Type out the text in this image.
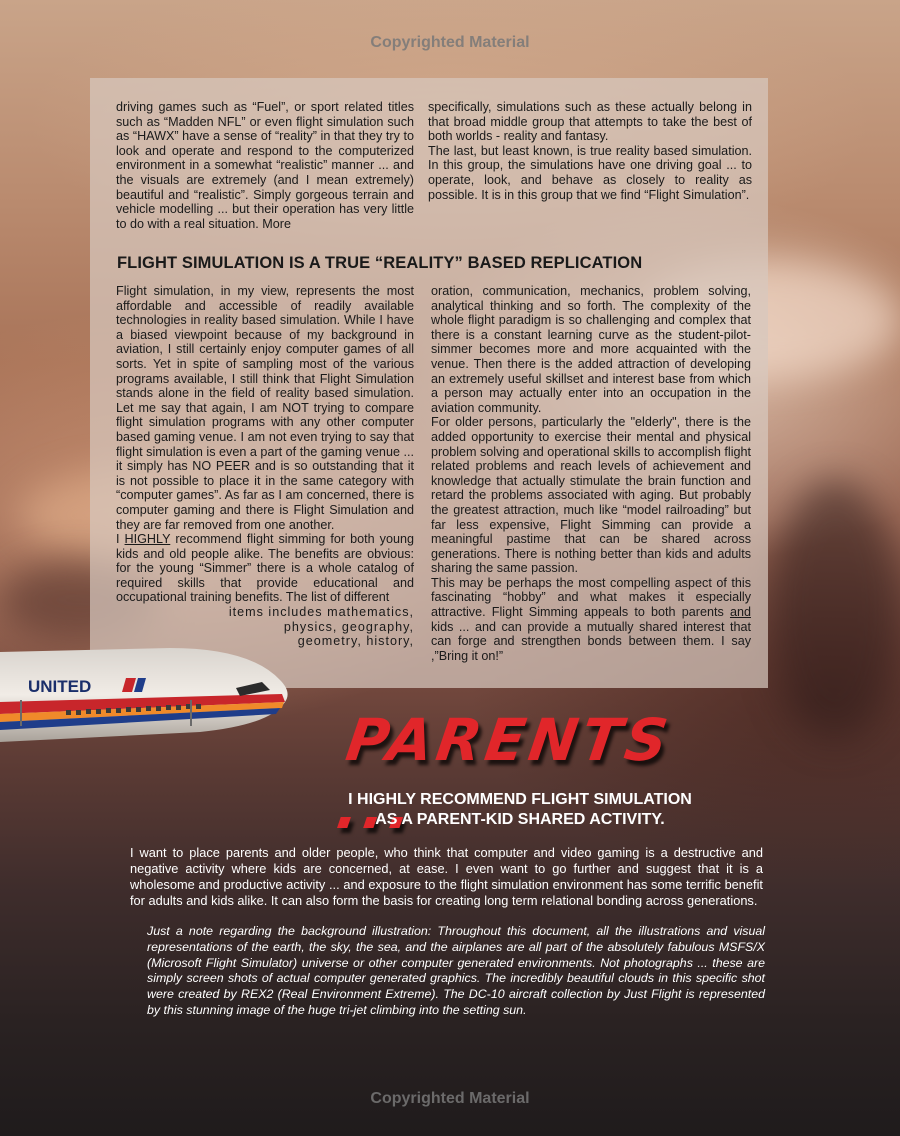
Copyrighted Material

driving games such as “Fuel”, or sport related titles such as “Madden NFL” or even flight simulation such as “HAWX” have a sense of “reality” in that they try to look and operate and respond to the computerized environment in a somewhat “realistic” manner ... and the visuals are extremely (and I mean extremely) beautiful and “realistic”. Simply gorgeous terrain and vehicle modelling ... but their operation has very little to do with a real situation. More

specifically, simulations such as these actually belong in that broad middle group that attempts to take the best of both worlds - reality and fantasy.

The last, but least known, is true reality based simulation. In this group, the simulations have one driving goal ... to operate, look, and behave as closely to reality as possible. It is in this group that we find “Flight Simulation”.

FLIGHT SIMULATION IS A TRUE “REALITY” BASED REPLICATION

Flight simulation, in my view, represents the most affordable and accessible of readily available technologies in reality based simulation. While I have a biased viewpoint because of my background in aviation, I still certainly enjoy computer games of all sorts. Yet in spite of sampling most of the various programs available, I still think that Flight Simulation stands alone in the field of reality based simulation. Let me say that again, I am NOT trying to compare flight simulation programs with any other computer based gaming venue. I am not even trying to say that flight simulation is even a part of the gaming venue ... it simply has NO PEER and is so outstanding that it is not possible to place it in the same category with “computer games”. As far as I am concerned, there is computer gaming and there is Flight Simulation and they are far removed from one another.

I HIGHLY recommend flight simming for both young kids and old people alike. The benefits are obvious: for the young “Simmer” there is a whole catalog of required skills that provide educational and occupational training benefits. The list of different

items includes mathematics,

physics, geography,

geometry, history,

oration, communication, mechanics, problem solving, analytical thinking and so forth. The complexity of the whole flight paradigm is so challenging and complex that there is a constant learning curve as the student-pilot-simmer becomes more and more acquainted with the venue. Then there is the added attraction of developing an extremely useful skillset and interest base from which a person may actually enter into an occupation in the aviation community.

For older persons, particularly the "elderly", there is the added opportunity to exercise their mental and physical problem solving and operational skills to accomplish flight related problems and reach levels of achievement and knowledge that actually stimulate the brain function and retard the problems associated with aging. But probably the greatest attraction, much like “model railroading” but far less expensive, Flight Simming can provide a meaningful pastime that can be shared across generations. There is nothing better than kids and adults sharing the same passion.

This may be perhaps the most compelling aspect of this fascinating “hobby” and what makes it especially attractive. Flight Simming appeals to both parents and kids ... and can provide a mutually shared interest that can forge and strengthen bonds between them. I say ,”Bring it on!”

UNITED
PARENTS ...
I HIGHLY RECOMMEND FLIGHT SIMULATION
AS A PARENT-KID SHARED ACTIVITY.
I want to place parents and older people, who think that computer and video gaming is a destructive and negative activity where kids are concerned, at ease. I even want to go further and suggest that it is a wholesome and productive activity ... and exposure to the flight simulation environment has some terrific benefit for adults and kids alike. It can also form the basis for creating long term relational bonding across generations.
Just a note regarding the background illustration: Throughout this document, all the illustrations and visual representations of the earth, the sky, the sea, and the airplanes are all part of the absolutely fabulous MSFS/X (Microsoft Flight Simulator) universe or other computer generated environments. Not photographs ... these are simply screen shots of actual computer generated graphics. The incredibly beautiful clouds in this specific shot were created by REX2 (Real Environment Extreme). The DC-10 aircraft collection by Just Flight is represented by this stunning image of the huge tri-jet climbing into the setting sun.
Copyrighted Material
